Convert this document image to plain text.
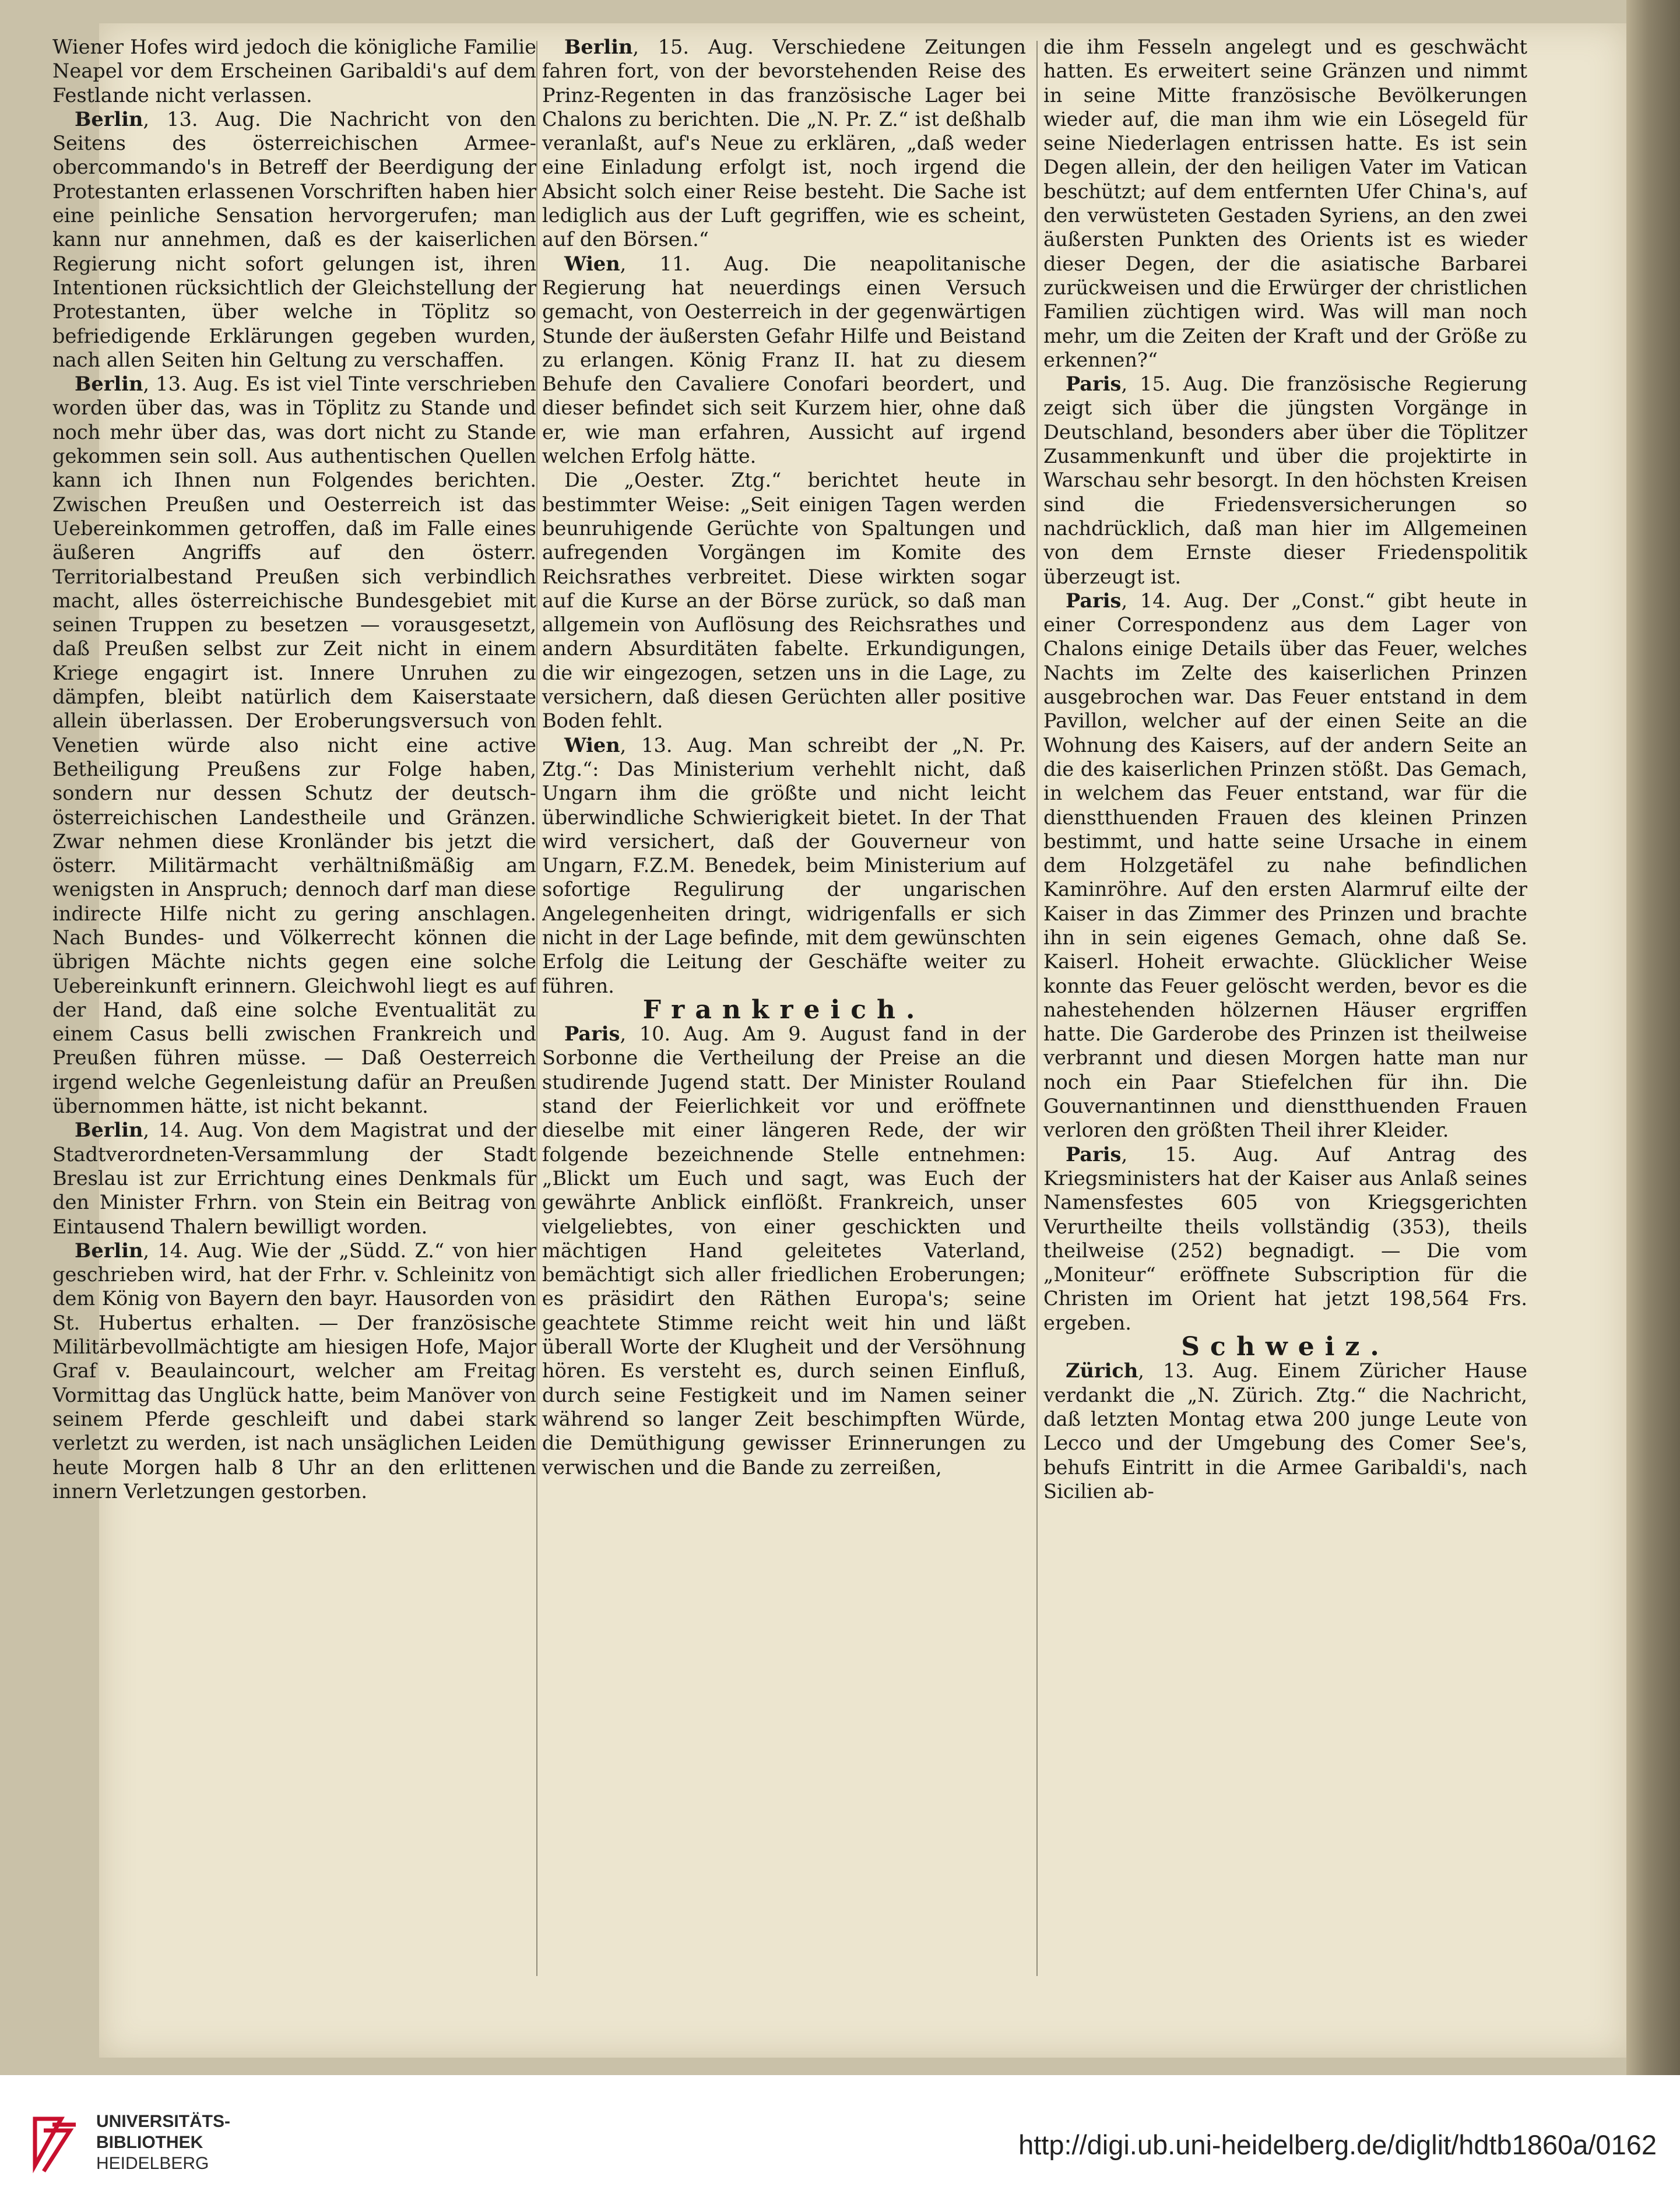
Wiener Hofes wird jedoch die königliche Familie Neapel vor dem Erscheinen Garibaldi's auf dem Festlande nicht verlassen.

Berlin, 13. Aug. Die Nachricht von den Seitens des österreichischen Armee-obercommando's in Betreff der Beerdigung der Protestanten erlassenen Vorschriften haben hier eine peinliche Sensation hervorgerufen; man kann nur annehmen, daß es der kaiserlichen Regierung nicht sofort gelungen ist, ihren Intentionen rücksichtlich der Gleichstellung der Protestanten, über welche in Töplitz so befriedigende Erklärungen gegeben wurden, nach allen Seiten hin Geltung zu verschaffen.

Berlin, 13. Aug. Es ist viel Tinte verschrieben worden über das, was in Töplitz zu Stande und noch mehr über das, was dort nicht zu Stande gekommen sein soll. Aus authentischen Quellen kann ich Ihnen nun Folgendes berichten. Zwischen Preußen und Oesterreich ist das Uebereinkommen getroffen, daß im Falle eines äußeren Angriffs auf den österr. Territorialbestand Preußen sich verbindlich macht, alles österreichische Bundesgebiet mit seinen Truppen zu besetzen — vorausgesetzt, daß Preußen selbst zur Zeit nicht in einem Kriege engagirt ist. Innere Unruhen zu dämpfen, bleibt natürlich dem Kaiserstaate allein überlassen. Der Eroberungsversuch von Venetien würde also nicht eine active Betheiligung Preußens zur Folge haben, sondern nur dessen Schutz der deutsch-österreichischen Landestheile und Gränzen. Zwar nehmen diese Kronländer bis jetzt die österr. Militärmacht verhältnißmäßig am wenigsten in Anspruch; dennoch darf man diese indirecte Hilfe nicht zu gering anschlagen. Nach Bundes- und Völkerrecht können die übrigen Mächte nichts gegen eine solche Uebereinkunft erinnern. Gleichwohl liegt es auf der Hand, daß eine solche Eventualität zu einem Casus belli zwischen Frankreich und Preußen führen müsse. — Daß Oesterreich irgend welche Gegenleistung dafür an Preußen übernommen hätte, ist nicht bekannt.

Berlin, 14. Aug. Von dem Magistrat und der Stadtverordneten-Versammlung der Stadt Breslau ist zur Errichtung eines Denkmals für den Minister Frhrn. von Stein ein Beitrag von Eintausend Thalern bewilligt worden.

Berlin, 14. Aug. Wie der „Südd. Z.“ von hier geschrieben wird, hat der Frhr. v. Schleinitz von dem König von Bayern den bayr. Hausorden von St. Hubertus erhalten. — Der französische Militärbevollmächtigte am hiesigen Hofe, Major Graf v. Beaulaincourt, welcher am Freitag Vormittag das Unglück hatte, beim Manöver von seinem Pferde geschleift und dabei stark verletzt zu werden, ist nach unsäglichen Leiden heute Morgen halb 8 Uhr an den erlittenen innern Verletzungen gestorben.

Berlin, 15. Aug. Verschiedene Zeitungen fahren fort, von der bevorstehenden Reise des Prinz-Regenten in das französische Lager bei Chalons zu berichten. Die „N. Pr. Z.“ ist deßhalb veranlaßt, auf's Neue zu erklären, „daß weder eine Einladung erfolgt ist, noch irgend die Absicht solch einer Reise besteht. Die Sache ist lediglich aus der Luft gegriffen, wie es scheint, auf den Börsen.“

Wien, 11. Aug. Die neapolitanische Regierung hat neuerdings einen Versuch gemacht, von Oesterreich in der gegenwärtigen Stunde der äußersten Gefahr Hilfe und Beistand zu erlangen. König Franz II. hat zu diesem Behufe den Cavaliere Conofari beordert, und dieser befindet sich seit Kurzem hier, ohne daß er, wie man erfahren, Aussicht auf irgend welchen Erfolg hätte.

Die „Oester. Ztg.“ berichtet heute in bestimmter Weise: „Seit einigen Tagen werden beunruhigende Gerüchte von Spaltungen und aufregenden Vorgängen im Komite des Reichsrathes verbreitet. Diese wirkten sogar auf die Kurse an der Börse zurück, so daß man allgemein von Auflösung des Reichsrathes und andern Absurditäten fabelte. Erkundigungen, die wir eingezogen, setzen uns in die Lage, zu versichern, daß diesen Gerüchten aller positive Boden fehlt.

Wien, 13. Aug. Man schreibt der „N. Pr. Ztg.“: Das Ministerium verhehlt nicht, daß Ungarn ihm die größte und nicht leicht überwindliche Schwierigkeit bietet. In der That wird versichert, daß der Gouverneur von Ungarn, F.Z.M. Benedek, beim Ministerium auf sofortige Regulirung der ungarischen Angelegenheiten dringt, widrigenfalls er sich nicht in der Lage befinde, mit dem gewünschten Erfolg die Leitung der Geschäfte weiter zu führen.

Frankreich.

Paris, 10. Aug. Am 9. August fand in der Sorbonne die Vertheilung der Preise an die studirende Jugend statt. Der Minister Rouland stand der Feierlichkeit vor und eröffnete dieselbe mit einer längeren Rede, der wir folgende bezeichnende Stelle entnehmen: „Blickt um Euch und sagt, was Euch der gewährte Anblick einflößt. Frankreich, unser vielgeliebtes, von einer geschickten und mächtigen Hand geleitetes Vaterland, bemächtigt sich aller friedlichen Eroberungen; es präsidirt den Räthen Europa's; seine geachtete Stimme reicht weit hin und läßt überall Worte der Klugheit und der Versöhnung hören. Es versteht es, durch seinen Einfluß, durch seine Festigkeit und im Namen seiner während so langer Zeit beschimpften Würde, die Demüthigung gewisser Erinnerungen zu verwischen und die Bande zu zerreißen,

die ihm Fesseln angelegt und es geschwächt hatten. Es erweitert seine Gränzen und nimmt in seine Mitte französische Bevölkerungen wieder auf, die man ihm wie ein Lösegeld für seine Niederlagen entrissen hatte. Es ist sein Degen allein, der den heiligen Vater im Vatican beschützt; auf dem entfernten Ufer China's, auf den verwüsteten Gestaden Syriens, an den zwei äußersten Punkten des Orients ist es wieder dieser Degen, der die asiatische Barbarei zurückweisen und die Erwürger der christlichen Familien züchtigen wird. Was will man noch mehr, um die Zeiten der Kraft und der Größe zu erkennen?“

Paris, 15. Aug. Die französische Regierung zeigt sich über die jüngsten Vorgänge in Deutschland, besonders aber über die Töplitzer Zusammenkunft und über die projektirte in Warschau sehr besorgt. In den höchsten Kreisen sind die Friedensversicherungen so nachdrücklich, daß man hier im Allgemeinen von dem Ernste dieser Friedenspolitik überzeugt ist.

Paris, 14. Aug. Der „Const.“ gibt heute in einer Correspondenz aus dem Lager von Chalons einige Details über das Feuer, welches Nachts im Zelte des kaiserlichen Prinzen ausgebrochen war. Das Feuer entstand in dem Pavillon, welcher auf der einen Seite an die Wohnung des Kaisers, auf der andern Seite an die des kaiserlichen Prinzen stößt. Das Gemach, in welchem das Feuer entstand, war für die dienstthuenden Frauen des kleinen Prinzen bestimmt, und hatte seine Ursache in einem dem Holzgetäfel zu nahe befindlichen Kaminröhre. Auf den ersten Alarmruf eilte der Kaiser in das Zimmer des Prinzen und brachte ihn in sein eigenes Gemach, ohne daß Se. Kaiserl. Hoheit erwachte. Glücklicher Weise konnte das Feuer gelöscht werden, bevor es die nahestehenden hölzernen Häuser ergriffen hatte. Die Garderobe des Prinzen ist theilweise verbrannt und diesen Morgen hatte man nur noch ein Paar Stiefelchen für ihn. Die Gouvernantinnen und dienstthuenden Frauen verloren den größten Theil ihrer Kleider.

Paris, 15. Aug. Auf Antrag des Kriegsministers hat der Kaiser aus Anlaß seines Namensfestes 605 von Kriegsgerichten Verurtheilte theils vollständig (353), theils theilweise (252) begnadigt. — Die vom „Moniteur“ eröffnete Subscription für die Christen im Orient hat jetzt 198,564 Frs. ergeben.

Schweiz.

Zürich, 13. Aug. Einem Züricher Hause verdankt die „N. Zürich. Ztg.“ die Nachricht, daß letzten Montag etwa 200 junge Leute von Lecco und der Umgebung des Comer See's, behufs Eintritt in die Armee Garibaldi's, nach Sicilien ab-

UNIVERSITÄTS-
BIBLIOTHEK
HEIDELBERG
http://digi.ub.uni-heidelberg.de/diglit/hdtb1860a/0162
